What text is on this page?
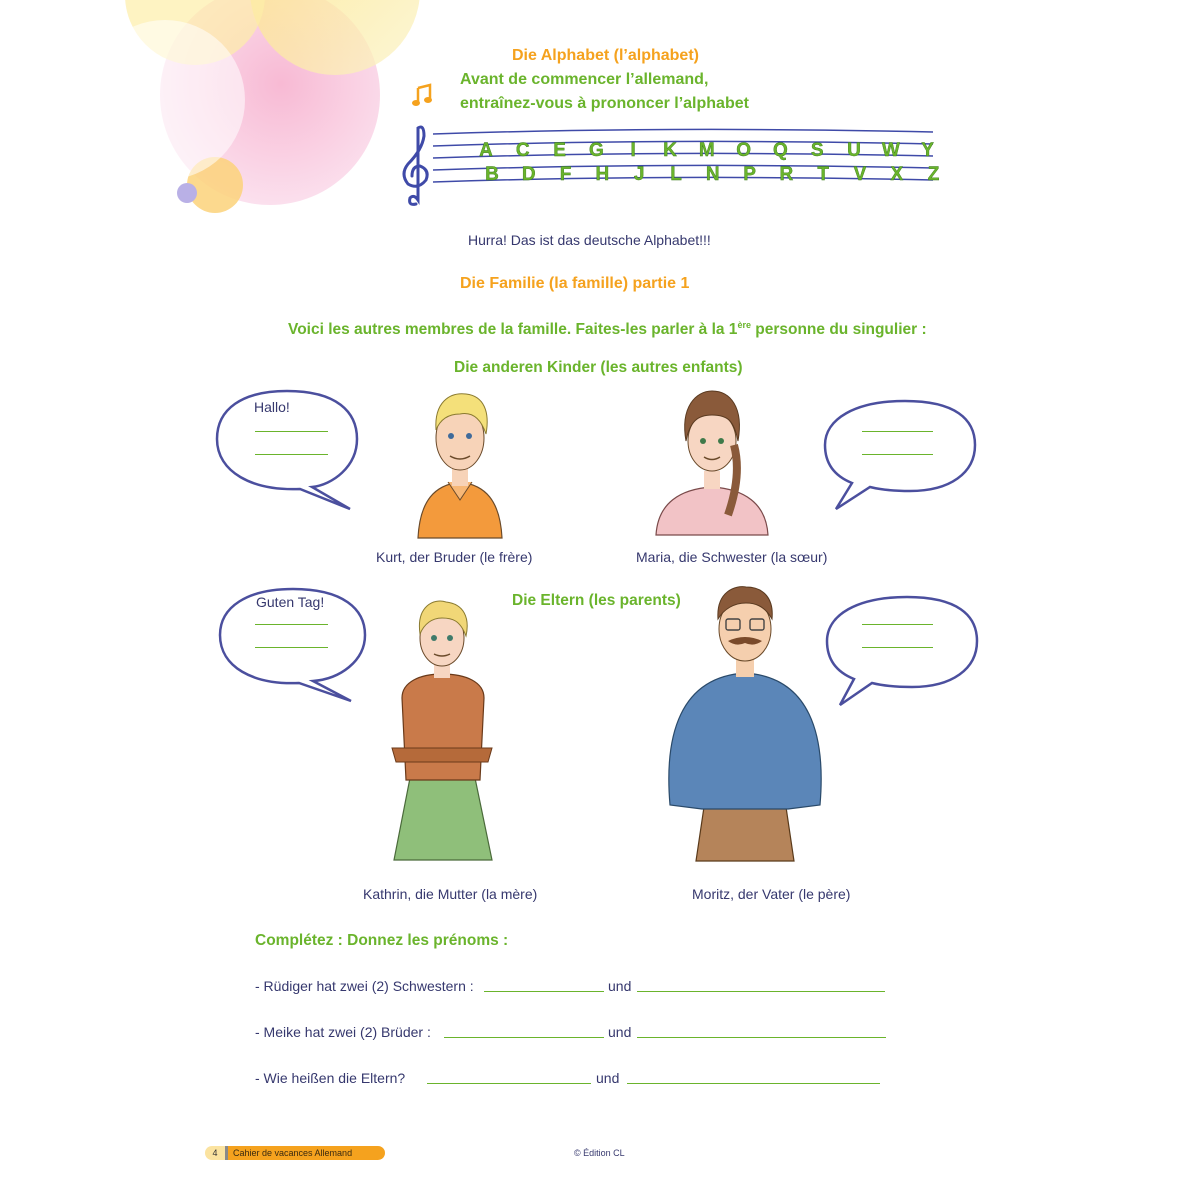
Die Alphabet (l’alphabet)
Avant de commencer l’allemand,
entraînez-vous à prononcer l’alphabet
A C E G I K M O Q S U W Y
B D F H J L N P R T V X Z
Hurra! Das ist das deutsche Alphabet!!!
Die Familie (la famille) partie 1
Voici les autres membres de la famille. Faites-les parler à la 1ère personne du singulier :
Die anderen Kinder (les autres enfants)
Hallo!
Kurt, der Bruder (le frère)	Maria, die Schwester (la sœur)
Die Eltern (les parents)
Guten Tag!
Kathrin, die Mutter (la mère)	Moritz, der Vater (le père)
Complétez : Donnez les prénoms :
- Rüdiger hat zwei (2) Schwestern :	und
- Meike hat zwei (2) Brüder :	und
- Wie heißen die Eltern?	und
4	Cahier de vacances Allemand	© Édition CL
